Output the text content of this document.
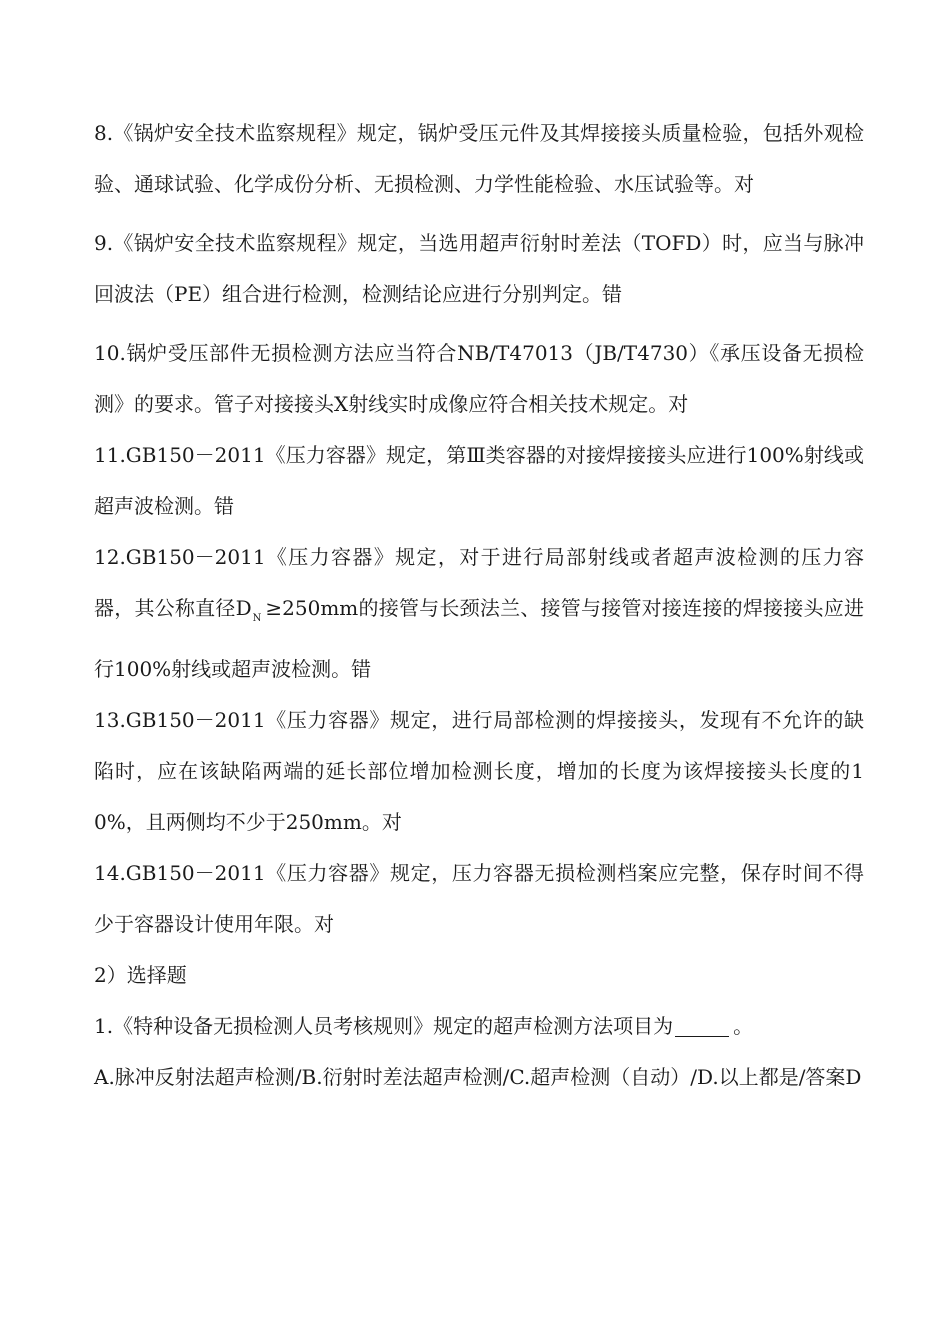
8.《锅炉安全技术监察规程》规定，锅炉受压元件及其焊接接头质量检验，包括外观检验、通球试验、化学成份分析、无损检测、力学性能检验、水压试验等。对

9.《锅炉安全技术监察规程》规定，当选用超声衍射时差法（TOFD）时，应当与脉冲回波法（PE）组合进行检测，检测结论应进行分别判定。错

10.锅炉受压部件无损检测方法应当符合NB/T47013（JB/T4730）《承压设备无损检测》的要求。管子对接接头X射线实时成像应符合相关技术规定。对

11.GB150－2011《压力容器》规定，第Ⅲ类容器的对接焊接接头应进行100%射线或超声波检测。错

12.GB150－2011《压力容器》规定，对于进行局部射线或者超声波检测的压力容器，其公称直径$D_N \ge 250mm$的接管与长颈法兰、接管与接管对接连接的焊接接头应进行100%射线或超声波检测。错

13.GB150－2011《压力容器》规定，进行局部检测的焊接接头，发现有不允许的缺陷时，应在该缺陷两端的延长部位增加检测长度，增加的长度为该焊接接头长度的10%，且两侧均不少于250mm。对

14.GB150－2011《压力容器》规定，压力容器无损检测档案应完整，保存时间不得少于容器设计使用年限。对

2）选择题

1.《特种设备无损检测人员考核规则》规定的超声检测方法项目为	。

A.脉冲反射法超声检测/B.衍射时差法超声检测/C.超声检测（自动）/D.以上都是/答案D
